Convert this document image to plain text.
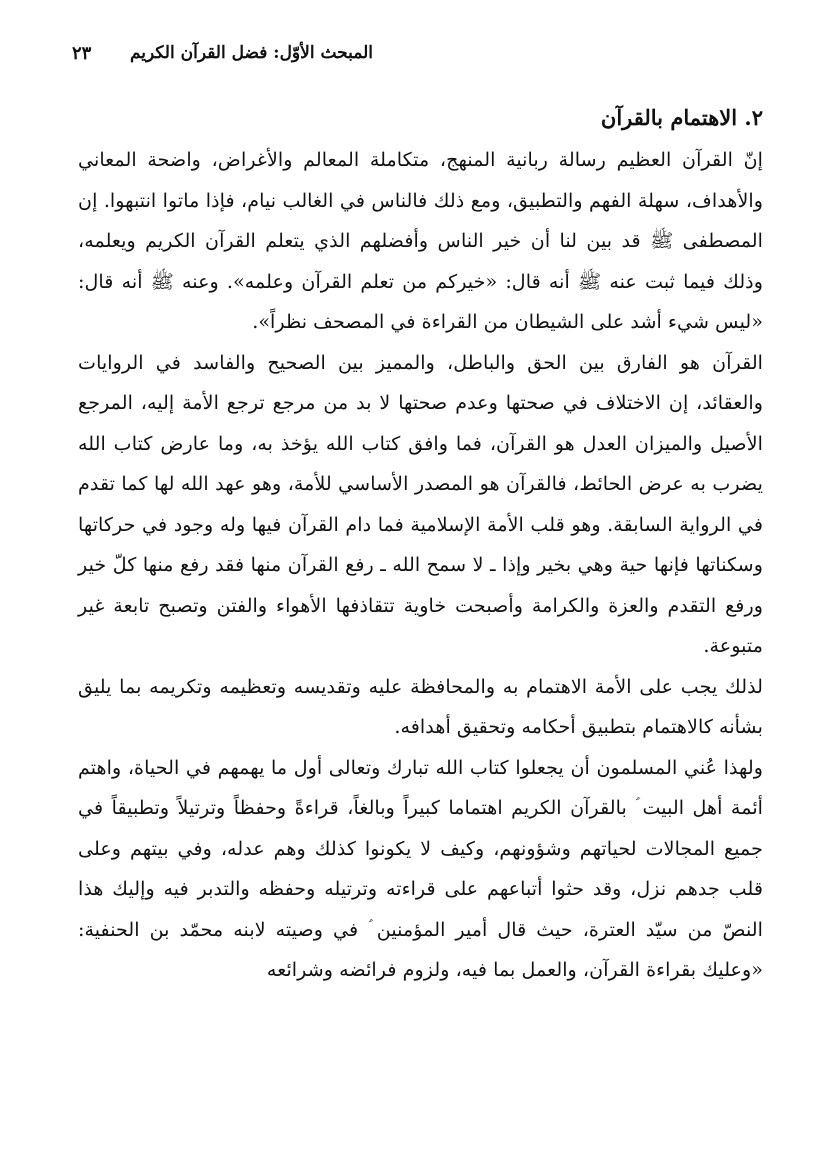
المبحث الأوّل: فضل القرآن الكريم
٢٣
٢. الاهتمام بالقرآن

إنّ القرآن العظيم رسالة ربانية المنهج، متكاملة المعالم والأغراض، واضحة المعاني والأهداف، سهلة الفهم والتطبيق، ومع ذلك فالناس في الغالب نيام، فإذا ماتوا انتبهوا. إن المصطفى ﷺ قد بين لنا أن خير الناس وأفضلهم الذي يتعلم القرآن الكريم ويعلمه، وذلك فيما ثبت عنه ﷺ أنه قال: «خيركم من تعلم القرآن وعلمه». وعنه ﷺ أنه قال: «ليس شيء أشد على الشيطان من القراءة في المصحف نظراً».

القرآن هو الفارق بين الحق والباطل، والمميز بين الصحيح والفاسد في الروايات والعقائد، إن الاختلاف في صحتها وعدم صحتها لا بد من مرجع ترجع الأمة إليه، المرجع الأصيل والميزان العدل هو القرآن، فما وافق كتاب الله يؤخذ به، وما عارض كتاب الله يضرب به عرض الحائط، فالقرآن هو المصدر الأساسي للأمة، وهو عهد الله لها كما تقدم في الرواية السابقة. وهو قلب الأمة الإسلامية فما دام القرآن فيها وله وجود في حركاتها وسكناتها فإنها حية وهي بخير وإذا ـ لا سمح الله ـ رفع القرآن منها فقد رفع منها كلّ خير ورفع التقدم والعزة والكرامة وأصبحت خاوية تتقاذفها الأهواء والفتن وتصبح تابعة غير متبوعة.

لذلك يجب على الأمة الاهتمام به والمحافظة عليه وتقديسه وتعظيمه وتكريمه بما يليق بشأنه كالاهتمام بتطبيق أحكامه وتحقيق أهدافه.

ولهذا عُني المسلمون أن يجعلوا كتاب الله تبارك وتعالى أول ما يهمهم في الحياة، واهتم أئمة أهل البيت ؑ بالقرآن الكريم اهتماما كبيراً وبالغاً، قراءةً وحفظاً وترتيلاً وتطبيقاً في جميع المجالات لحياتهم وشؤونهم، وكيف لا يكونوا كذلك وهم عدله، وفي بيتهم وعلى قلب جدهم نزل، وقد حثوا أتباعهم على قراءته وترتيله وحفظه والتدبر فيه وإليك هذا النصّ من سيّد العترة، حيث قال أمير المؤمنين ؑ في وصيته لابنه محمّد بن الحنفية: «وعليك بقراءة القرآن، والعمل بما فيه، ولزوم فرائضه وشرائعه
